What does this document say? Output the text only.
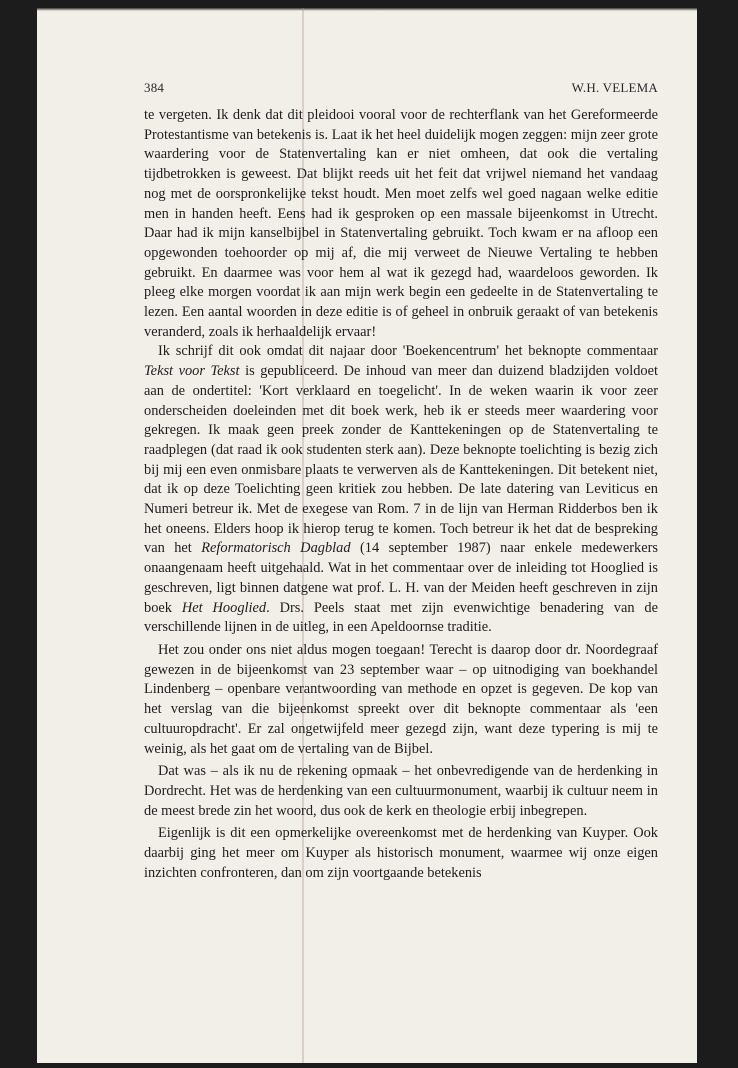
384	W.H. VELEMA

te vergeten. Ik denk dat dit pleidooi vooral voor de rechterflank van het Gereformeerde Protestantisme van betekenis is. Laat ik het heel duidelijk mogen zeggen: mijn zeer grote waardering voor de Statenvertaling kan er niet omheen, dat ook die vertaling tijdbetrokken is geweest. Dat blijkt reeds uit het feit dat vrijwel niemand het vandaag nog met de oorspronkelijke tekst houdt. Men moet zelfs wel goed nagaan welke editie men in handen heeft. Eens had ik gesproken op een massale bijeenkomst in Utrecht. Daar had ik mijn kanselbijbel in Statenvertaling gebruikt. Toch kwam er na afloop een opgewonden toehoorder op mij af, die mij verweet de Nieuwe Vertaling te hebben gebruikt. En daarmee was voor hem al wat ik gezegd had, waardeloos geworden. Ik pleeg elke morgen voordat ik aan mijn werk begin een gedeelte in de Statenvertaling te lezen. Een aantal woorden in deze editie is of geheel in onbruik geraakt of van betekenis veranderd, zoals ik herhaaldelijk ervaar!

Ik schrijf dit ook omdat dit najaar door 'Boekencentrum' het beknopte commentaar Tekst voor Tekst is gepubliceerd. De inhoud van meer dan duizend bladzijden voldoet aan de ondertitel: 'Kort verklaard en toegelicht'. In de weken waarin ik voor zeer onderscheiden doeleinden met dit boek werk, heb ik er steeds meer waardering voor gekregen. Ik maak geen preek zonder de Kanttekeningen op de Statenvertaling te raadplegen (dat raad ik ook studenten sterk aan). Deze beknopte toelichting is bezig zich bij mij een even onmisbare plaats te verwerven als de Kanttekeningen. Dit betekent niet, dat ik op deze Toelichting geen kritiek zou hebben. De late datering van Leviticus en Numeri betreur ik. Met de exegese van Rom. 7 in de lijn van Herman Ridderbos ben ik het oneens. Elders hoop ik hierop terug te komen. Toch betreur ik het dat de bespreking van het Reformatorisch Dagblad (14 september 1987) naar enkele medewerkers onaangenaam heeft uitgehaald. Wat in het commentaar over de inleiding tot Hooglied is geschreven, ligt binnen datgene wat prof. L. H. van der Meiden heeft geschreven in zijn boek Het Hooglied. Drs. Peels staat met zijn evenwichtige benadering van de verschillende lijnen in de uitleg, in een Apeldoornse traditie.

Het zou onder ons niet aldus mogen toegaan! Terecht is daarop door dr. Noordegraaf gewezen in de bijeenkomst van 23 september waar – op uitnodiging van boekhandel Lindenberg – openbare verantwoording van methode en opzet is gegeven. De kop van het verslag van die bijeenkomst spreekt over dit beknopte commentaar als 'een cultuuropdracht'. Er zal ongetwijfeld meer gezegd zijn, want deze typering is mij te weinig, als het gaat om de vertaling van de Bijbel.

Dat was – als ik nu de rekening opmaak – het onbevredigende van de herdenking in Dordrecht. Het was de herdenking van een cultuurmonument, waarbij ik cultuur neem in de meest brede zin het woord, dus ook de kerk en theologie erbij inbegrepen.

Eigenlijk is dit een opmerkelijke overeenkomst met de herdenking van Kuyper. Ook daarbij ging het meer om Kuyper als historisch monument, waarmee wij onze eigen inzichten confronteren, dan om zijn voortgaande betekenis
